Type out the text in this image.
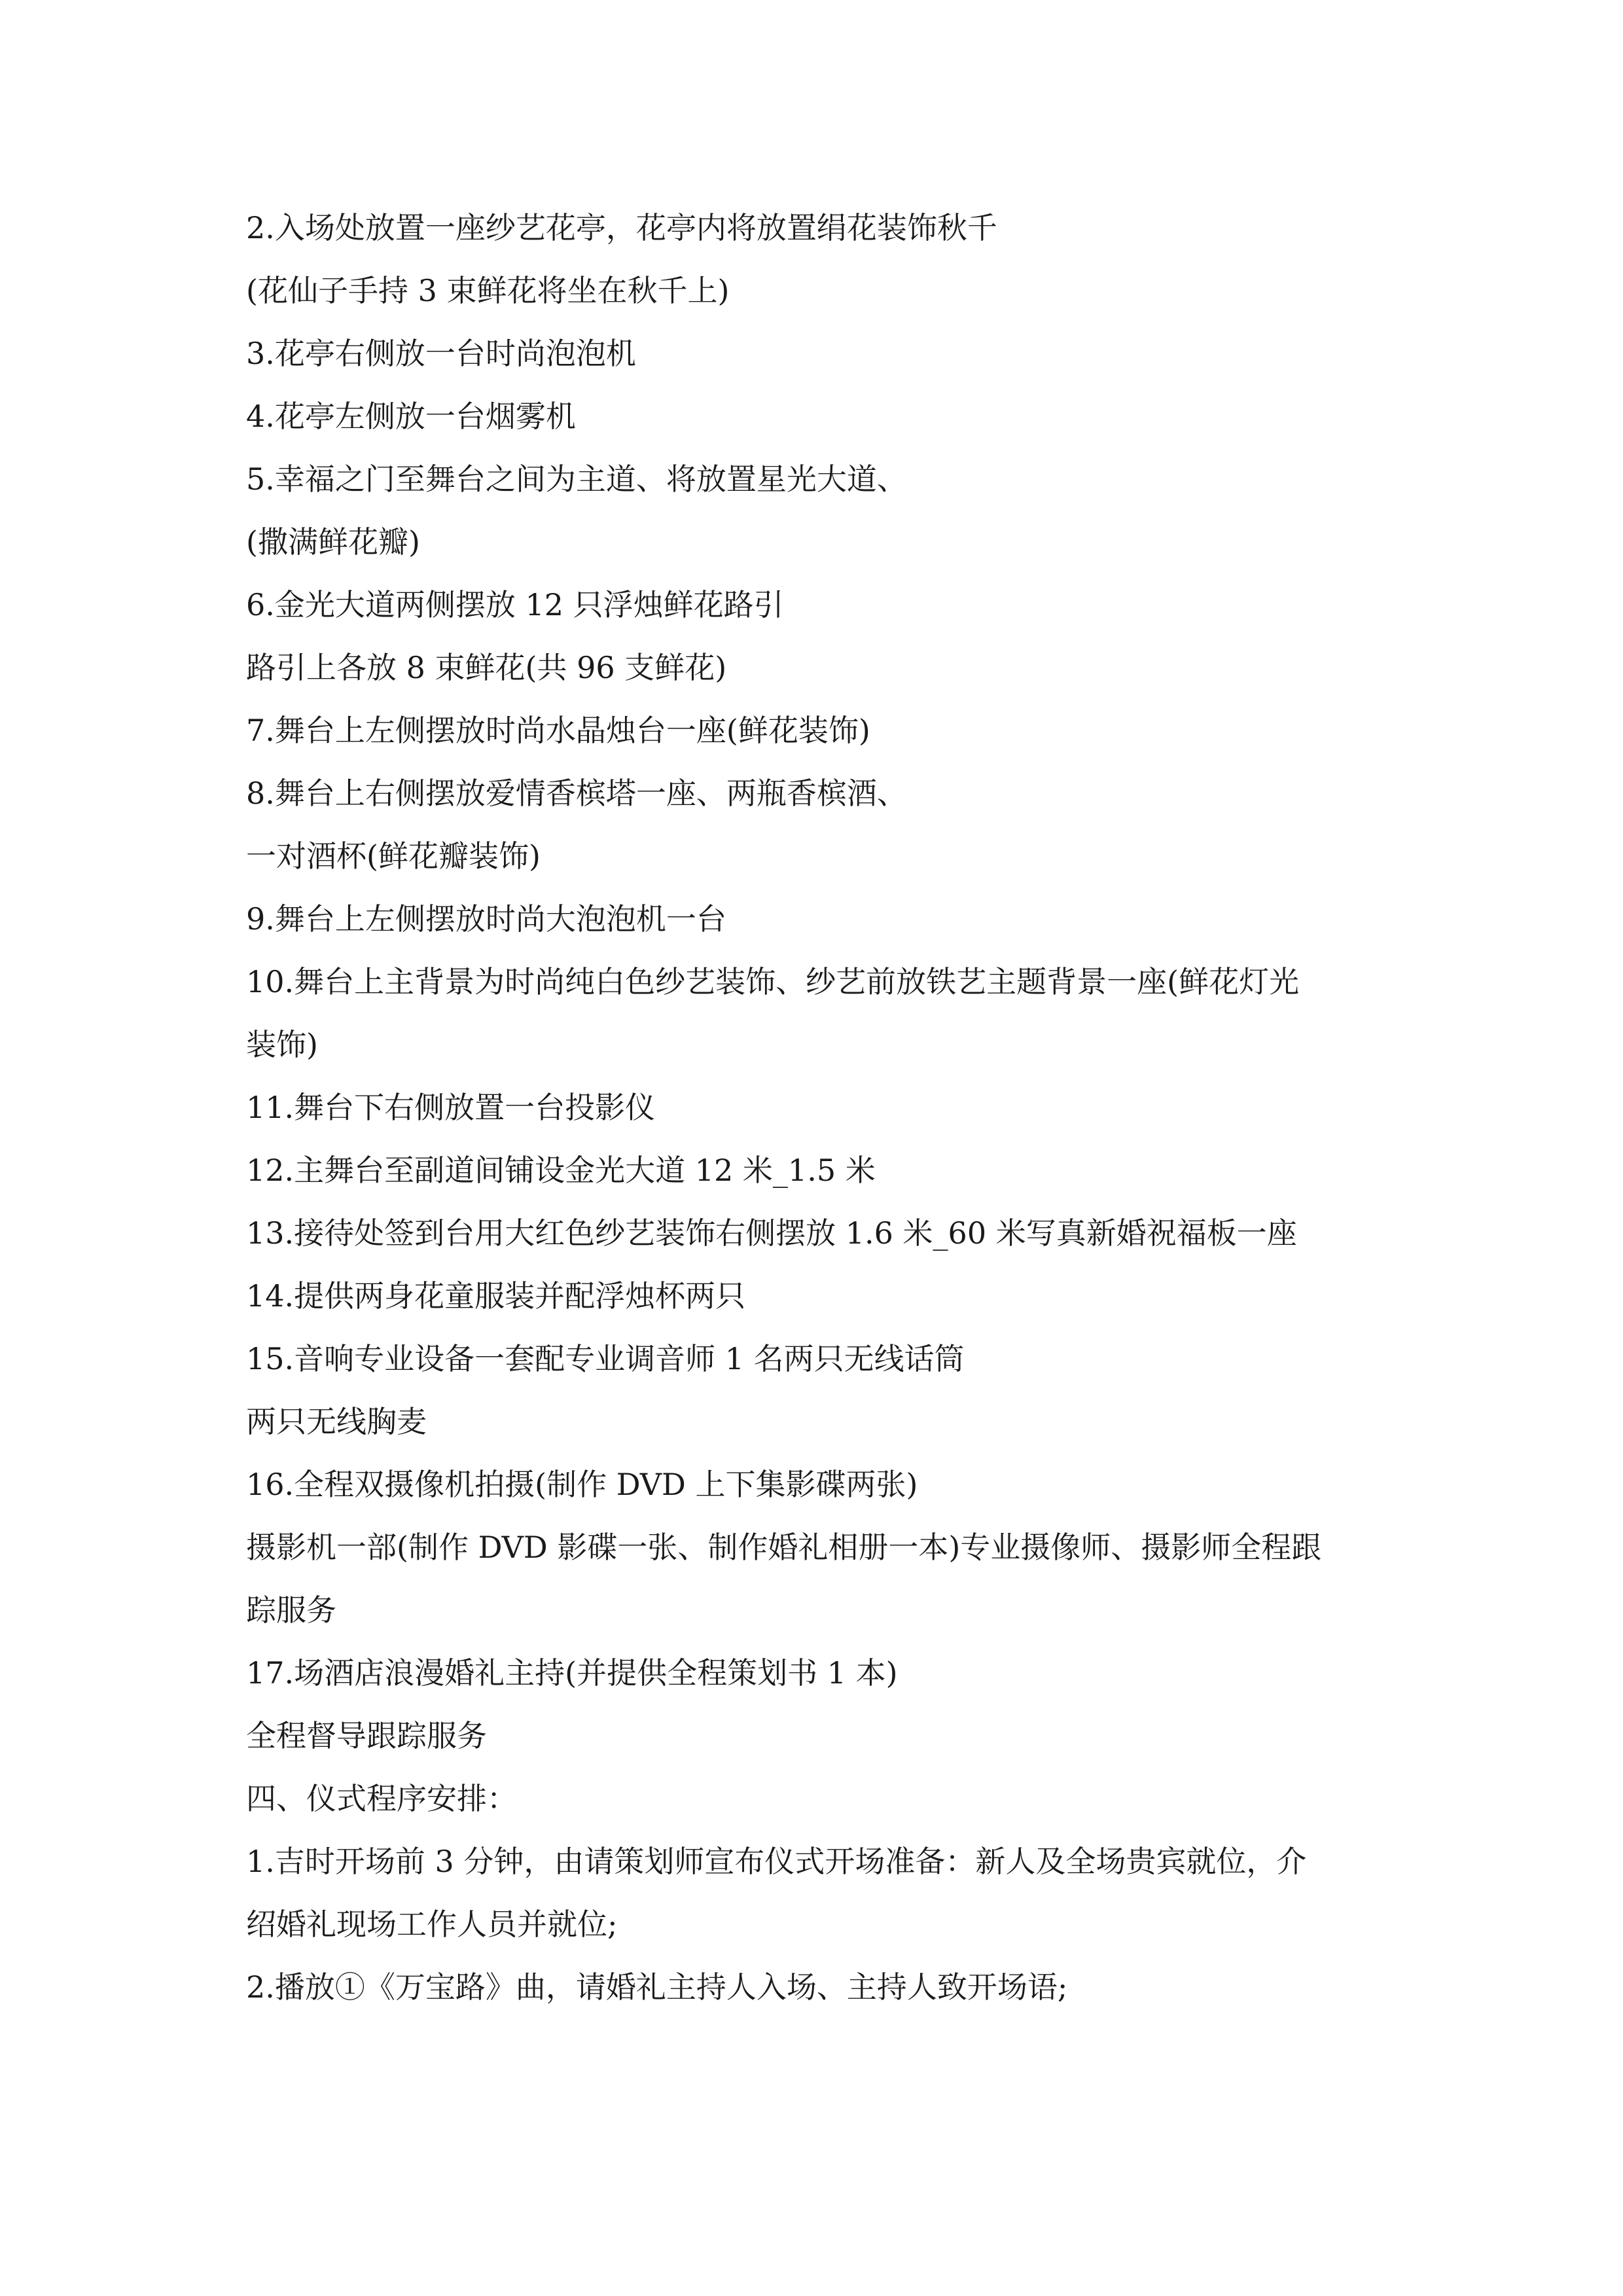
2.入场处放置一座纱艺花亭，花亭内将放置绢花装饰秋千
(花仙子手持 3 束鲜花将坐在秋千上)
3.花亭右侧放一台时尚泡泡机
4.花亭左侧放一台烟雾机
5.幸福之门至舞台之间为主道、将放置星光大道、
(撒满鲜花瓣)
6.金光大道两侧摆放 12 只浮烛鲜花路引
路引上各放 8 束鲜花(共 96 支鲜花)
7.舞台上左侧摆放时尚水晶烛台一座(鲜花装饰)
8.舞台上右侧摆放爱情香槟塔一座、两瓶香槟酒、
一对酒杯(鲜花瓣装饰)
9.舞台上左侧摆放时尚大泡泡机一台
10.舞台上主背景为时尚纯白色纱艺装饰、纱艺前放铁艺主题背景一座(鲜花灯光
装饰)
11.舞台下右侧放置一台投影仪
12.主舞台至副道间铺设金光大道 12 米_1.5 米
13.接待处签到台用大红色纱艺装饰右侧摆放 1.6 米_60 米写真新婚祝福板一座
14.提供两身花童服装并配浮烛杯两只
15.音响专业设备一套配专业调音师 1 名两只无线话筒
两只无线胸麦
16.全程双摄像机拍摄(制作 DVD 上下集影碟两张)
摄影机一部(制作 DVD 影碟一张、制作婚礼相册一本)专业摄像师、摄影师全程跟
踪服务
17.场酒店浪漫婚礼主持(并提供全程策划书 1 本)
全程督导跟踪服务
四、仪式程序安排：
1.吉时开场前 3 分钟，由请策划师宣布仪式开场准备：新人及全场贵宾就位，介
绍婚礼现场工作人员并就位;
2.播放①《万宝路》曲，请婚礼主持人入场、主持人致开场语;
